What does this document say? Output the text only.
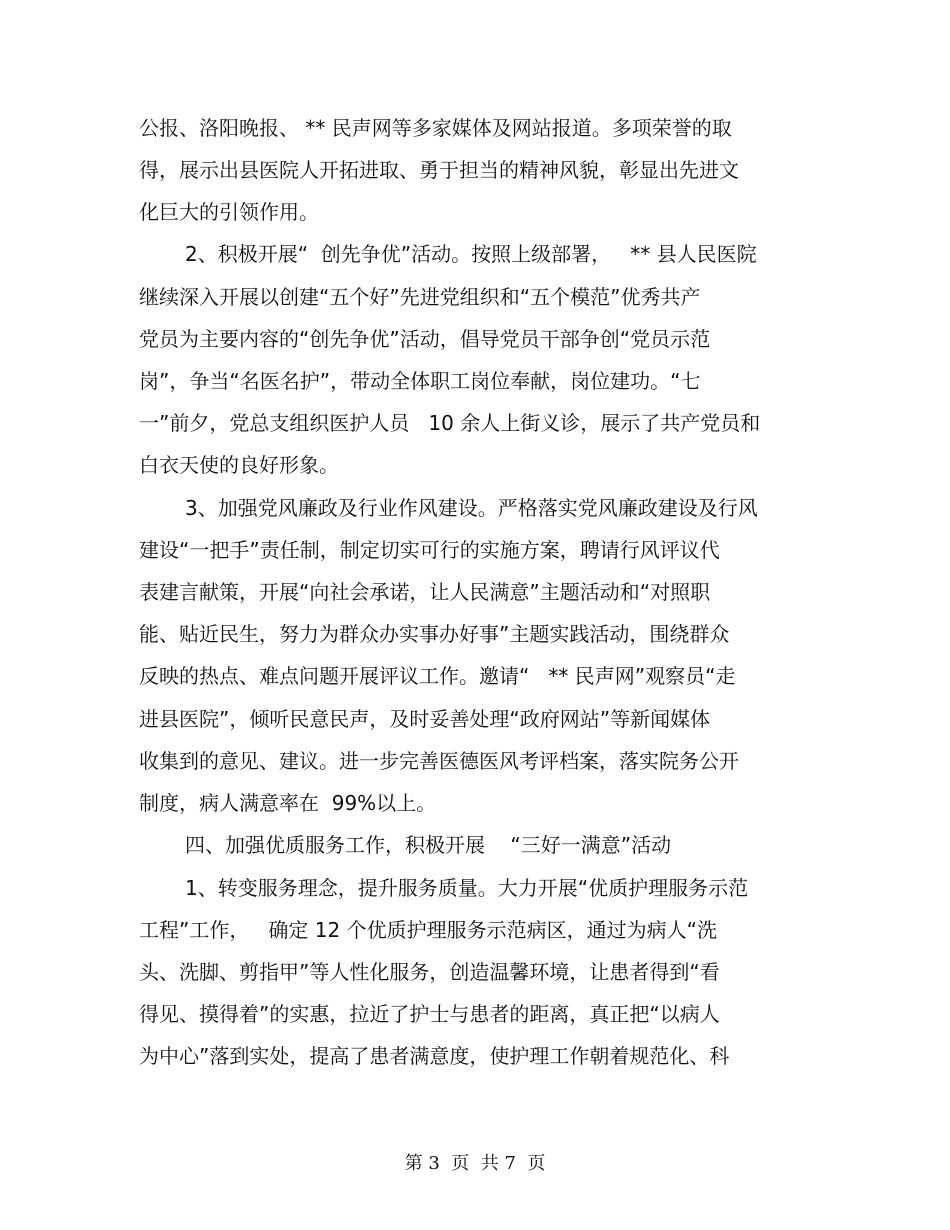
公报、洛阳晚报、 ** 民声网等多家媒体及网站报道。多项荣誉的取
得，展示出县医院人开拓进取、勇于担当的精神风貌，彰显出先进文
化巨大的引领作用。
2、积极开展“  创先争优”活动。按照上级部署，   ** 县人民医院
继续深入开展以创建“五个好”先进党组织和“五个模范”优秀共产
党员为主要内容的“创先争优”活动，倡导党员干部争创“党员示范
岗”，争当“名医名护”，带动全体职工岗位奉献，岗位建功。“七
一”前夕，党总支组织医护人员   10 余人上街义诊，展示了共产党员和
白衣天使的良好形象。
3、加强党风廉政及行业作风建设。严格落实党风廉政建设及行风
建设“一把手”责任制，制定切实可行的实施方案，聘请行风评议代
表建言献策，开展“向社会承诺，让人民满意”主题活动和“对照职
能、贴近民生，努力为群众办实事办好事”主题实践活动，围绕群众
反映的热点、难点问题开展评议工作。邀请“   ** 民声网”观察员“走
进县医院”，倾听民意民声，及时妥善处理“政府网站”等新闻媒体
收集到的意见、建议。进一步完善医德医风考评档案，落实院务公开
制度，病人满意率在  99%以上。
四、加强优质服务工作，积极开展    “三好一满意”活动
1、转变服务理念，提升服务质量。大力开展“优质护理服务示范
工程”工作，   确定 12 个优质护理服务示范病区，通过为病人“洗
头、洗脚、剪指甲”等人性化服务，创造温馨环境，让患者得到“看
得见、摸得着”的实惠，拉近了护士与患者的距离，真正把“以病人
为中心”落到实处，提高了患者满意度，使护理工作朝着规范化、科
第 3  页  共 7  页
